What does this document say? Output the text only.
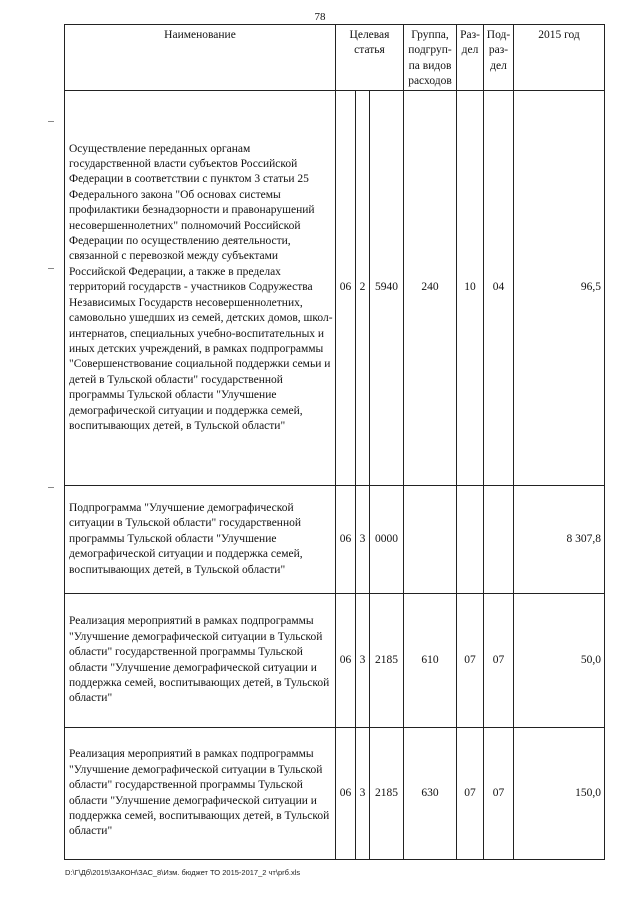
78
Наименование	Целевая статья			Группа, подгруп-па видов расходов	Раз-дел	Под-раз-дел	2015 год
Осуществление переданных органам государственной власти субъектов Российской Федерации в соответствии с пунктом 3 статьи 25 Федерального закона "Об основах системы профилактики безнадзорности и правонарушений несовершеннолетних" полномочий Российской Федерации по осуществлению деятельности, связанной с перевозкой между субъектами Российской Федерации, а также в пределах территорий государств - участников Содружества Независимых Государств несовершеннолетних, самовольно ушедших из семей, детских домов, школ-интернатов, специальных учебно-воспитательных и иных детских учреждений, в рамках подпрограммы "Совершенствование социальной поддержки семьи и детей в Тульской области" государственной программы Тульской области "Улучшение демографической ситуации и поддержка семей, воспитывающих детей, в Тульской области"	06	2	5940	240	10	04	96,5
Подпрограмма "Улучшение демографической ситуации в Тульской области" государственной программы Тульской области "Улучшение демографической ситуации и поддержка семей, воспитывающих детей, в Тульской области"	06	3	0000				8 307,8
Реализация мероприятий в рамках подпрограммы "Улучшение демографической ситуации в Тульской области" государственной программы Тульской области "Улучшение демографической ситуации и поддержка семей, воспитывающих детей, в Тульской области"	06	3	2185	610	07	07	50,0
Реализация мероприятий в рамках подпрограммы "Улучшение демографической ситуации в Тульской области" государственной программы Тульской области "Улучшение демографической ситуации и поддержка семей, воспитывающих детей, в Тульской области"	06	3	2185	630	07	07	150,0
D:\Г\Дб\2015\ЗАКОН\ЗАС_8\Изм. бюджет ТО 2015-2017_2 чт\рrб.xls
